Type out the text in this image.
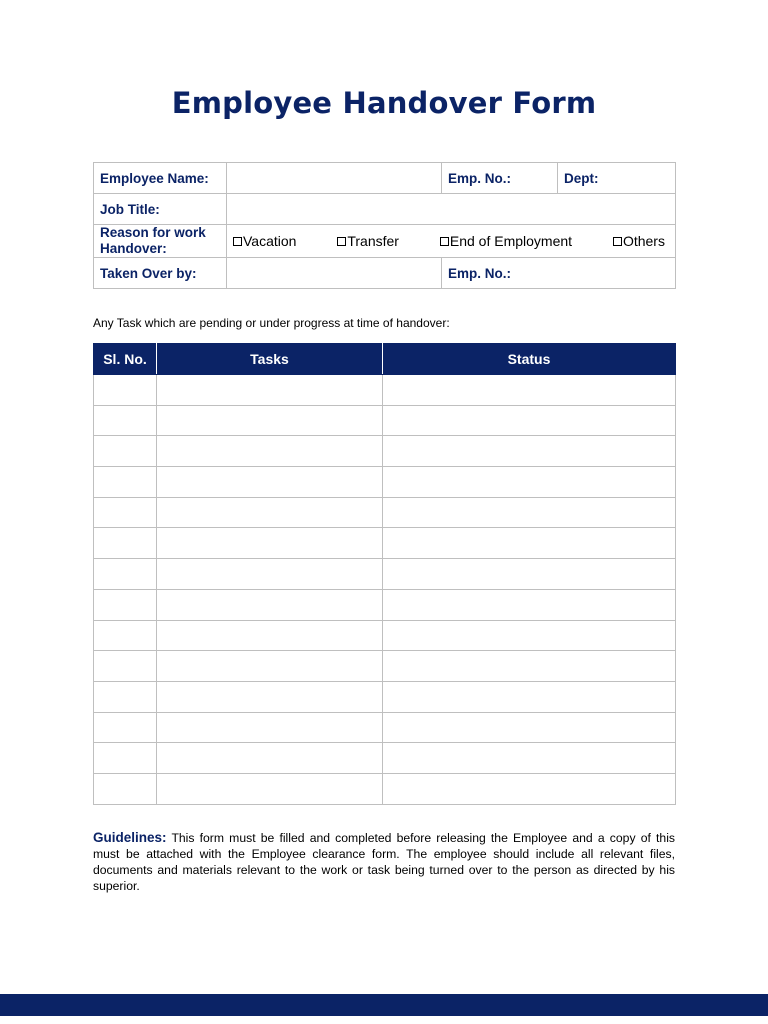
Employee Handover Form
Employee Name:		Emp. No.:	Dept:
Job Title:			
Reason for work Handover:	Vacation Transfer End of Employment Others		

Taken Over by:		Emp. No.:	
Any Task which are pending or under progress at time of handover:
Sl. No.	Tasks	Status

Guidelines: This form must be filled and completed before releasing the Employee and a copy of this must be attached with the Employee clearance form. The employee should include all relevant files, documents and materials relevant to the work or task being turned over to the person as directed by his superior.
